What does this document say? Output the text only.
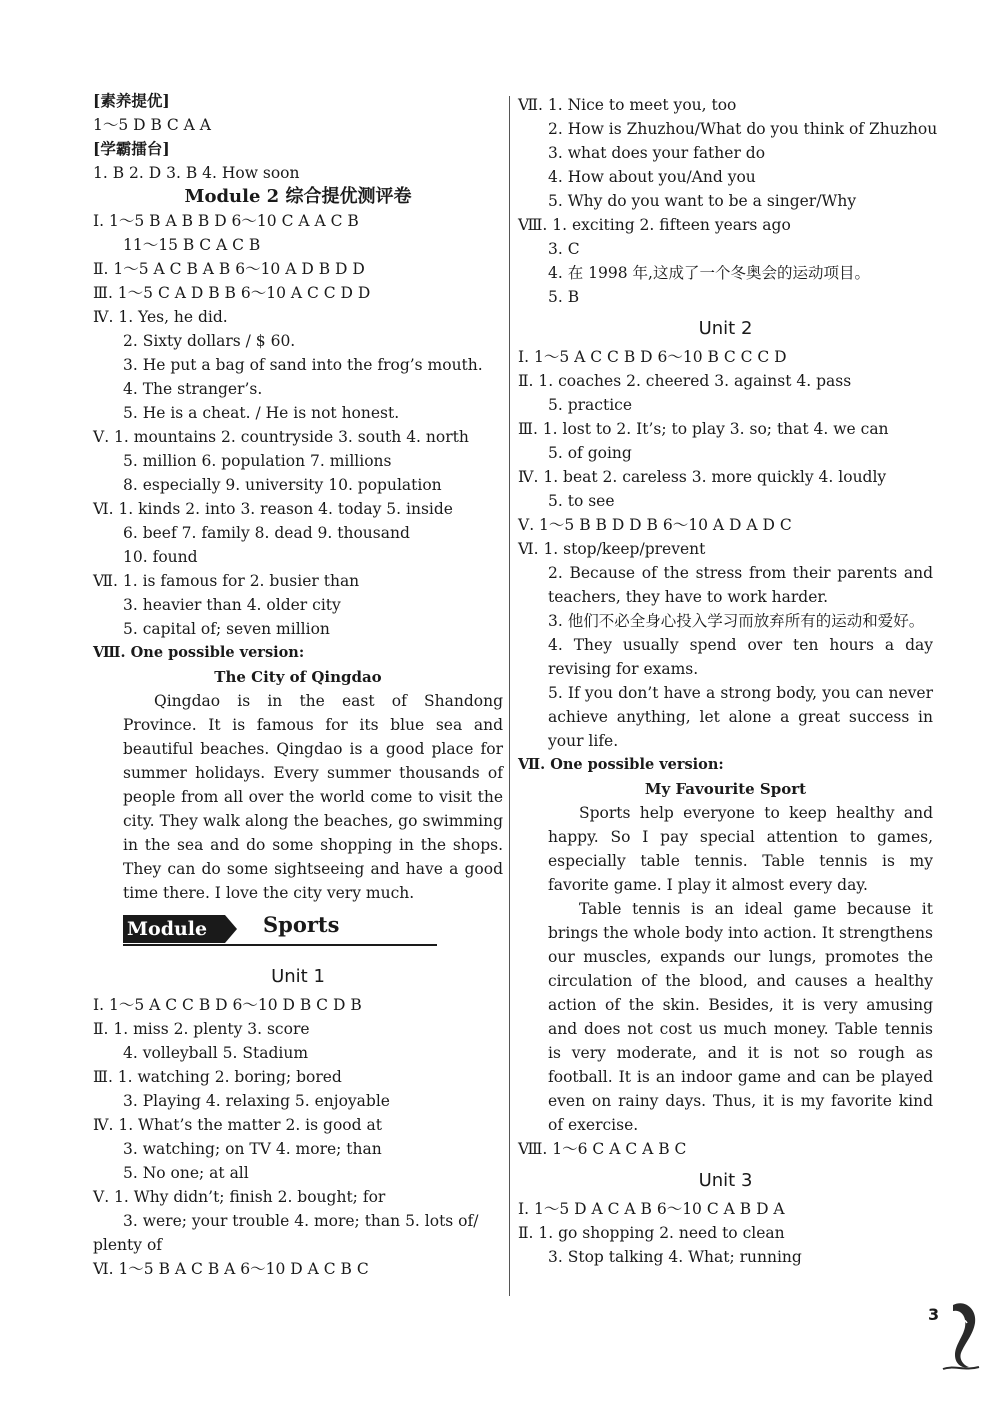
[素养提优]
1～5 D B C A A
[学霸擂台]
1. B 2. D 3. B 4. How soon
Module 2 综合提优测评卷
Ⅰ. 1～5 B A B B D 6～10 C A A C B
11～15 B C A C B
Ⅱ. 1～5 A C B A B 6～10 A D B D D
Ⅲ. 1～5 C A D B B 6～10 A C C D D
Ⅳ. 1. Yes, he did.
2. Sixty dollars / $ 60.
3. He put a bag of sand into the frog’s mouth.
4. The stranger’s.
5. He is a cheat. / He is not honest.
Ⅴ. 1. mountains 2. countryside 3. south 4. north
5. million 6. population 7. millions
8. especially 9. university 10. population
Ⅵ. 1. kinds 2. into 3. reason 4. today 5. inside
6. beef 7. family 8. dead 9. thousand
10. found
Ⅶ. 1. is famous for 2. busier than
3. heavier than 4. older city
5. capital of; seven million
Ⅷ. One possible version:
The City of Qingdao
Qingdao is in the east of Shandong Province. It is famous for its blue sea and beautiful beaches. Qingdao is a good place for summer holidays. Every summer thousands of people from all over the world come to visit the city. They walk along the beaches, go swimming in the sea and do some shopping in the shops. They can do some sightseeing and have a good time there. I love the city very much.
Module 3
Sports
Unit 1
Ⅰ. 1～5 A C C B D 6～10 D B C D B
Ⅱ. 1. miss 2. plenty 3. score
4. volleyball 5. Stadium
Ⅲ. 1. watching 2. boring; bored
3. Playing 4. relaxing 5. enjoyable
Ⅳ. 1. What’s the matter 2. is good at
3. watching; on TV 4. more; than
5. No one; at all
Ⅴ. 1. Why didn’t; finish 2. bought; for
3. were; your trouble 4. more; than 5. lots of/
plenty of
Ⅵ. 1～5 B A C B A 6～10 D A C B C
Ⅶ. 1. Nice to meet you, too
2. How is Zhuzhou/What do you think of Zhuzhou
3. what does your father do
4. How about you/And you
5. Why do you want to be a singer/Why
Ⅷ. 1. exciting 2. fifteen years ago
3. C
4. 在 1998 年,这成了一个冬奥会的运动项目。
5. B
Unit 2
Ⅰ. 1～5 A C C B D 6～10 B C C C D
Ⅱ. 1. coaches 2. cheered 3. against 4. pass
5. practice
Ⅲ. 1. lost to 2. It’s; to play 3. so; that 4. we can
5. of going
Ⅳ. 1. beat 2. careless 3. more quickly 4. loudly
5. to see
Ⅴ. 1～5 B B D D B 6～10 A D A D C
Ⅵ. 1. stop/keep/prevent
2. Because of the stress from their parents and teachers, they have to work harder.
3. 他们不必全身心投入学习而放弃所有的运动和爱好。
4. They usually spend over ten hours a day revising for exams.
5. If you don’t have a strong body, you can never achieve anything, let alone a great success in your life.
Ⅶ. One possible version:
My Favourite Sport
Sports help everyone to keep healthy and happy. So I pay special attention to games, especially table tennis. Table tennis is my favorite game. I play it almost every day.
Table tennis is an ideal game because it brings the whole body into action. It strengthens our muscles, expands our lungs, promotes the circulation of the blood, and causes a healthy action of the skin. Besides, it is very amusing and does not cost us much money. Table tennis is very moderate, and it is not so rough as football. It is an indoor game and can be played even on rainy days. Thus, it is my favorite kind of exercise.
Ⅷ. 1～6 C A C A B C
Unit 3
Ⅰ. 1～5 D A C A B 6～10 C A B D A
Ⅱ. 1. go shopping 2. need to clean
3. Stop talking 4. What; running
3
